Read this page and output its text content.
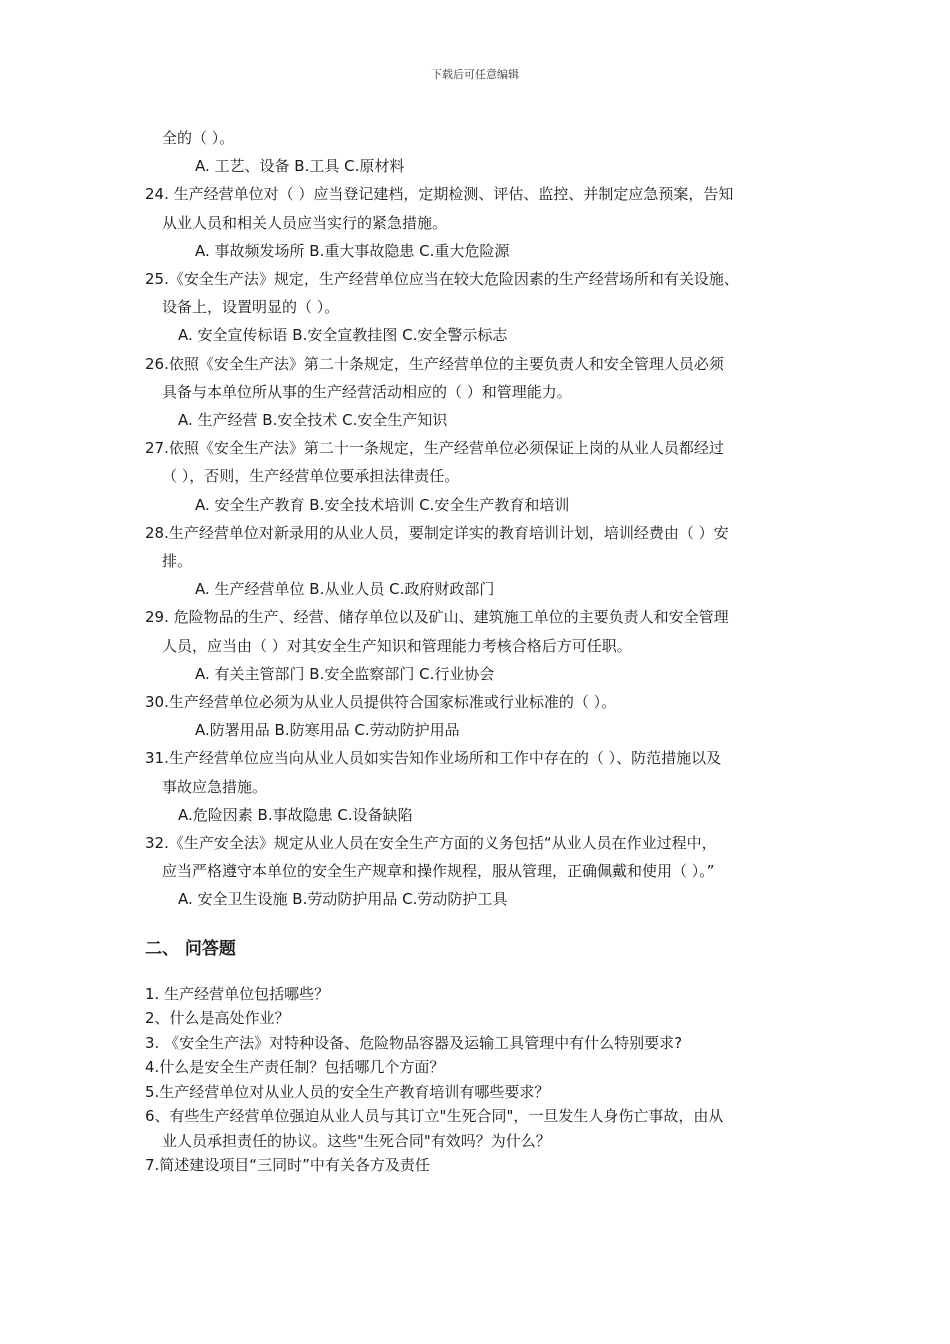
下载后可任意编辑
全的（ ）。
A. 工艺、设备 B.工具 C.原材料
24. 生产经营单位对（ ）应当登记建档，定期检测、评估、监控、并制定应急预案，告知
从业人员和相关人员应当实行的紧急措施。
A. 事故频发场所 B.重大事故隐患 C.重大危险源
25.《安全生产法》规定，生产经营单位应当在较大危险因素的生产经营场所和有关设施、
设备上，设置明显的（ ）。
A. 安全宣传标语 B.安全宣教挂图 C.安全警示标志
26.依照《安全生产法》第二十条规定，生产经营单位的主要负责人和安全管理人员必须
具备与本单位所从事的生产经营活动相应的（ ）和管理能力。
A. 生产经营 B.安全技术 C.安全生产知识
27.依照《安全生产法》第二十一条规定，生产经营单位必须保证上岗的从业人员都经过
（ ），否则，生产经营单位要承担法律责任。
A. 安全生产教育 B.安全技术培训 C.安全生产教育和培训
28.生产经营单位对新录用的从业人员，要制定详实的教育培训计划，培训经费由（ ）安
排。
A. 生产经营单位 B.从业人员 C.政府财政部门
29. 危险物品的生产、经营、储存单位以及矿山、建筑施工单位的主要负责人和安全管理
人员，应当由（ ）对其安全生产知识和管理能力考核合格后方可任职。
A. 有关主管部门 B.安全监察部门 C.行业协会
30.生产经营单位必须为从业人员提供符合国家标准或行业标准的（ ）。
A.防署用品 B.防寒用品 C.劳动防护用品
31.生产经营单位应当向从业人员如实告知作业场所和工作中存在的（ ）、防范措施以及
事故应急措施。
A.危险因素 B.事故隐患 C.设备缺陷
32.《生产安全法》规定从业人员在安全生产方面的义务包括“从业人员在作业过程中，
应当严格遵守本单位的安全生产规章和操作规程，服从管理，正确佩戴和使用（ ）。”
A. 安全卫生设施 B.劳动防护用品 C.劳动防护工具
二、 问答题
1. 生产经营单位包括哪些？
2、什么是高处作业？
3. 《安全生产法》对特种设备、危险物品容器及运输工具管理中有什么特别要求?
4.什么是安全生产责任制？包括哪几个方面？
5.生产经营单位对从业人员的安全生产教育培训有哪些要求？
6、有些生产经营单位强迫从业人员与其订立"生死合同"，一旦发生人身伤亡事故，由从
业人员承担责任的协议。这些"生死合同"有效吗？为什么？
7.简述建设项目“三同时”中有关各方及责任
